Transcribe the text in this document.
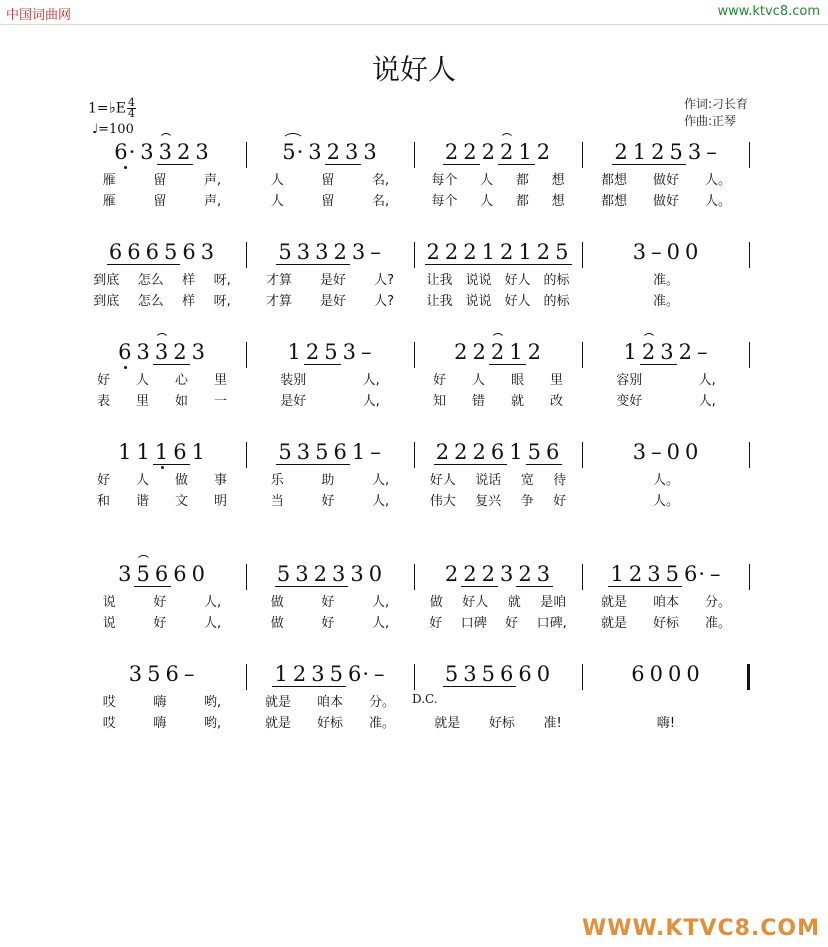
中国词曲网	www.ktvc8.com
说好人
作词:刁长育
作曲:正琴
1=♭E $\frac{4}{4}$
♩=100
6· 3 3 2 3	5· 3 2 3 3	2 2 2 2 1 2	2 1 2 5 3 –
雁	留	声,	人	留	名,	每个 人 都 想	都想 做好 人。
雁	留	声,	人	留	名,	每个 人 都 想	都想 做好 人。
6 6 6 5 6 3	5 3 3 2 3 –	2 2 2 1 2 1 2 5	3 – 0 0
到底 怎么 样 呀,	才算 是好 人?	让我 说说 好人 的标	准。
到底 怎么 样 呀,	才算 是好 人?	让我 说说 好人 的标	准。
6 3 3 2 3	1 2 5 3 –	2 2 2 1 2	1 2 3 2 –
好 人 心 里	装别	人,	好 人 眼 里	容别	人,
表 里 如 一	是好	人,	知 错 就 改	变好	人,
1 1 1 6 1	5 3 5 6 1 –	2 2 2 6 1 5 6	3 – 0 0
好 人 做 事	乐	助	人,	好人 说话 宽 待	人。
和 谐 文 明	当	好	人,	伟大 复兴 争 好	人。
3 5 6 6 0	5 3 2 3 3 0	2 2 2 3 2 3	1 2 3 5 6· –
说	好	人,	做	好	人,	做 好人 就 是咱	就是 咱本 分。
说	好	人,	做	好	人,	好 口碑 好 口碑,	就是 好标 准。
3 5 6 –	1 2 3 5 6· –	5 3 5 6 6 0	6 0 0 0
哎	嗨	哟,	就是 咱本 分。
哎	嗨	哟,	就是 好标 准。	就是 好标 准!	嗨!
WWW.KTVC8.COM
D.C.
